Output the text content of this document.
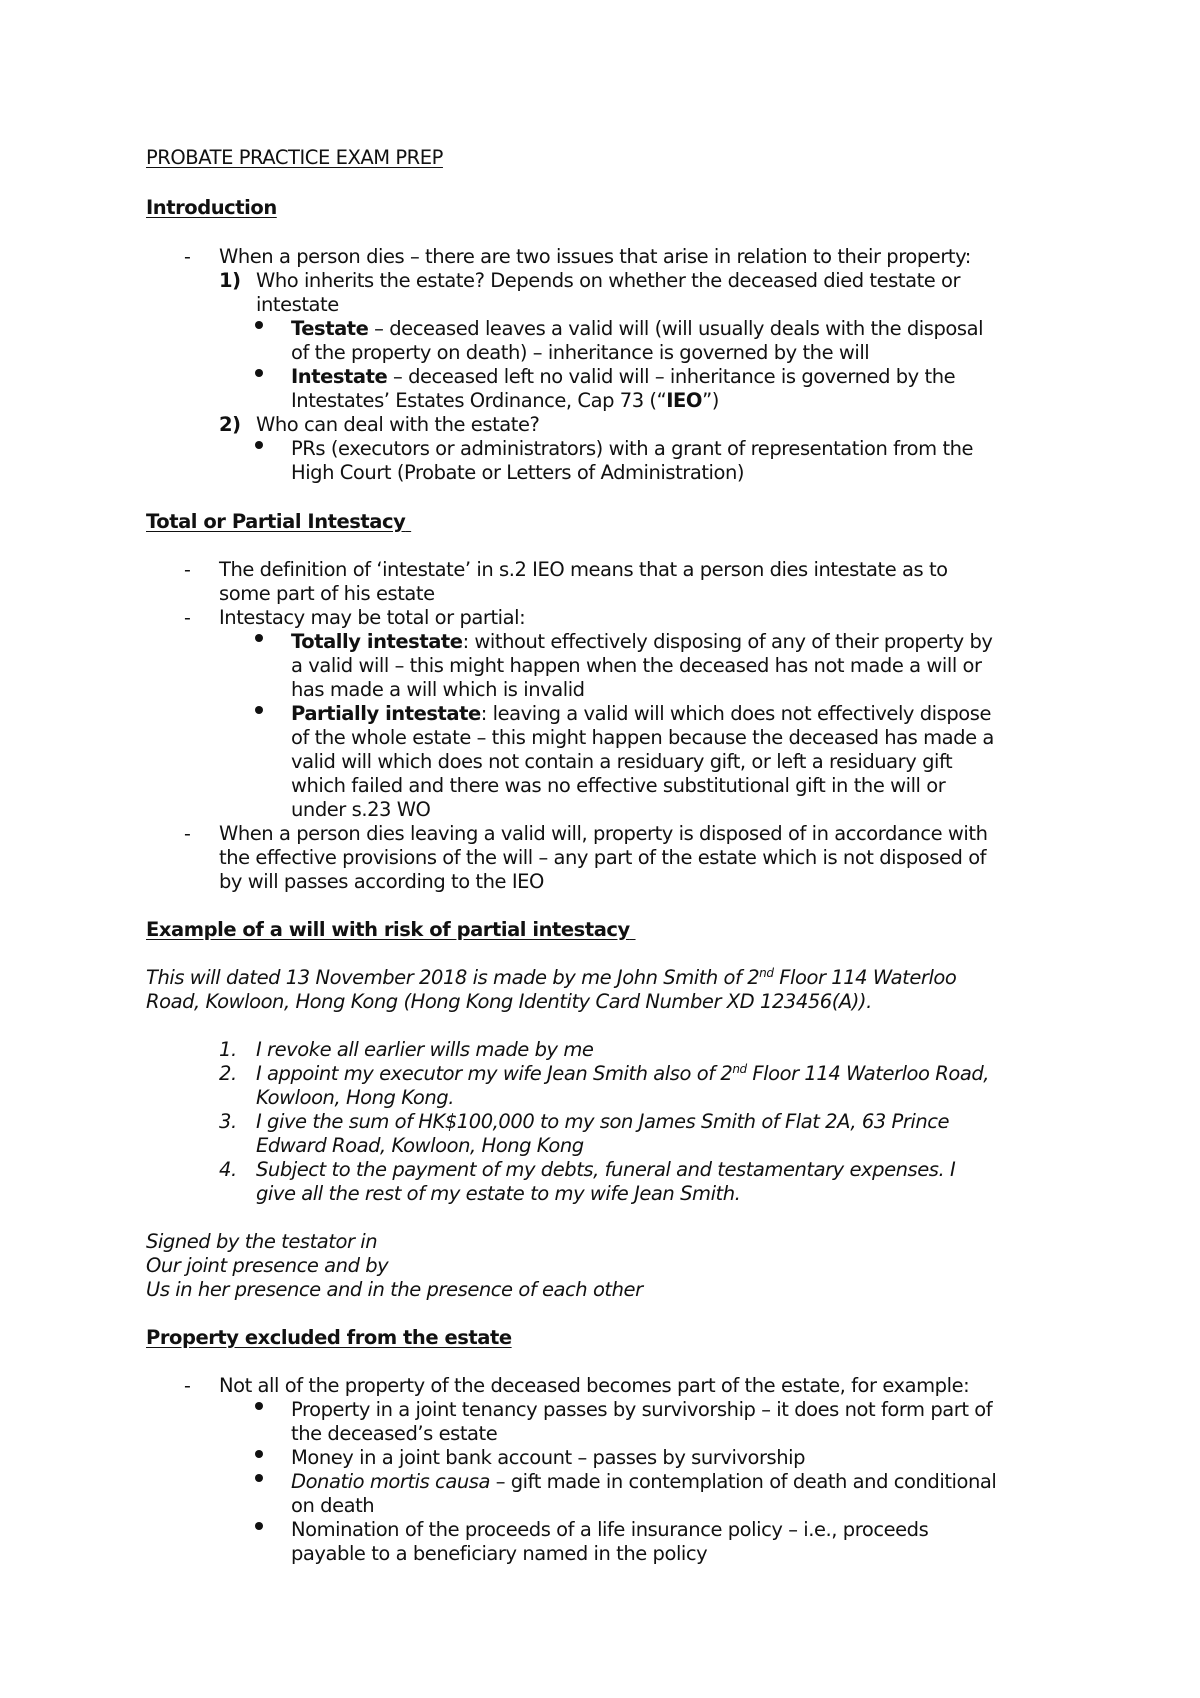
PROBATE PRACTICE EXAM PREP
Introduction
- When a person dies – there are two issues that arise in relation to their property:
1) Who inherits the estate? Depends on whether the deceased died testate or
intestate
Testate – deceased leaves a valid will (will usually deals with the disposal
of the property on death) – inheritance is governed by the will
Intestate – deceased left no valid will – inheritance is governed by the
Intestates’ Estates Ordinance, Cap 73 (“IEO”)
2) Who can deal with the estate?
PRs (executors or administrators) with a grant of representation from the
High Court (Probate or Letters of Administration)
Total or Partial Intestacy
- The definition of ‘intestate’ in s.2 IEO means that a person dies intestate as to
some part of his estate
- Intestacy may be total or partial:
Totally intestate: without effectively disposing of any of their property by
a valid will – this might happen when the deceased has not made a will or
has made a will which is invalid
Partially intestate: leaving a valid will which does not effectively dispose
of the whole estate – this might happen because the deceased has made a
valid will which does not contain a residuary gift, or left a residuary gift
which failed and there was no effective substitutional gift in the will or
under s.23 WO
- When a person dies leaving a valid will, property is disposed of in accordance with
the effective provisions of the will – any part of the estate which is not disposed of
by will passes according to the IEO
Example of a will with risk of partial intestacy
This will dated 13 November 2018 is made by me John Smith of 2nd Floor 114 Waterloo
Road, Kowloon, Hong Kong (Hong Kong Identity Card Number XD 123456(A)).
1. I revoke all earlier wills made by me
2. I appoint my executor my wife Jean Smith also of 2nd Floor 114 Waterloo Road,
Kowloon, Hong Kong.
3. I give the sum of HK$100,000 to my son James Smith of Flat 2A, 63 Prince
Edward Road, Kowloon, Hong Kong
4. Subject to the payment of my debts, funeral and testamentary expenses. I
give all the rest of my estate to my wife Jean Smith.
Signed by the testator in
Our joint presence and by
Us in her presence and in the presence of each other
Property excluded from the estate
- Not all of the property of the deceased becomes part of the estate, for example:
Property in a joint tenancy passes by survivorship – it does not form part of
the deceased’s estate
Money in a joint bank account – passes by survivorship
Donatio mortis causa – gift made in contemplation of death and conditional
on death
Nomination of the proceeds of a life insurance policy – i.e., proceeds
payable to a beneficiary named in the policy
